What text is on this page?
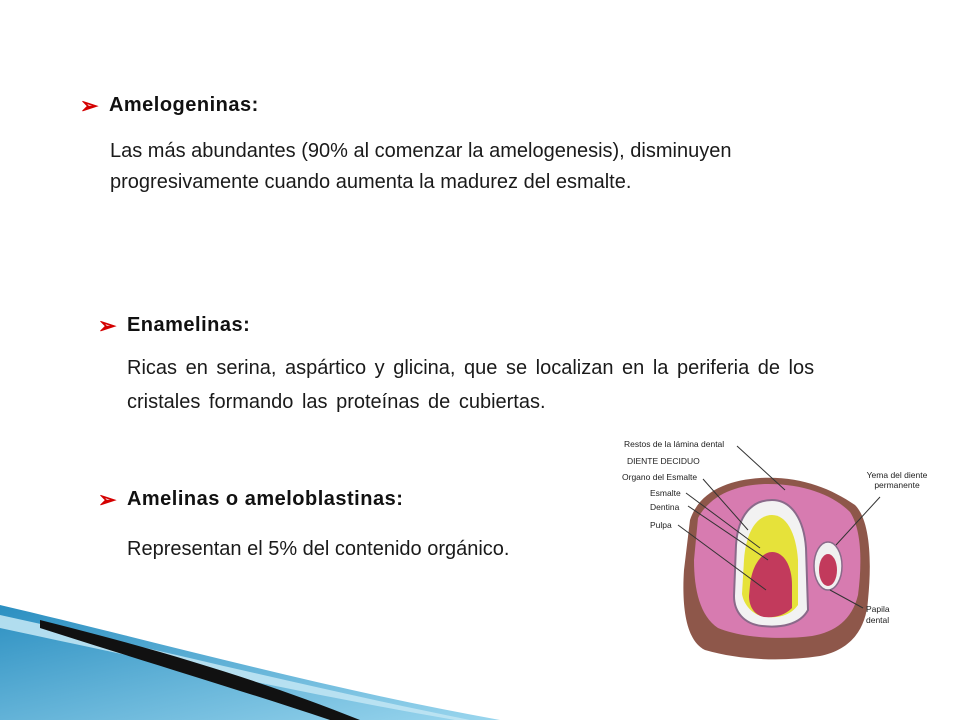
➢ Amelogeninas:
Las más abundantes (90% al comenzar la amelogenesis), disminuyen progresivamente cuando aumenta la madurez del esmalte.
➢ Enamelinas:
Ricas en serina, aspártico y glicina, que se localizan en la periferia de los cristales formando las proteínas de cubiertas.
➢ Amelinas o ameloblastinas:
Representan el 5% del contenido orgánico.
Restos de la lámina dental
DIENTE DECIDUO
Organo del Esmalte
Esmalte
Dentina
Pulpa
Yema del diente permanente
Papila dental
